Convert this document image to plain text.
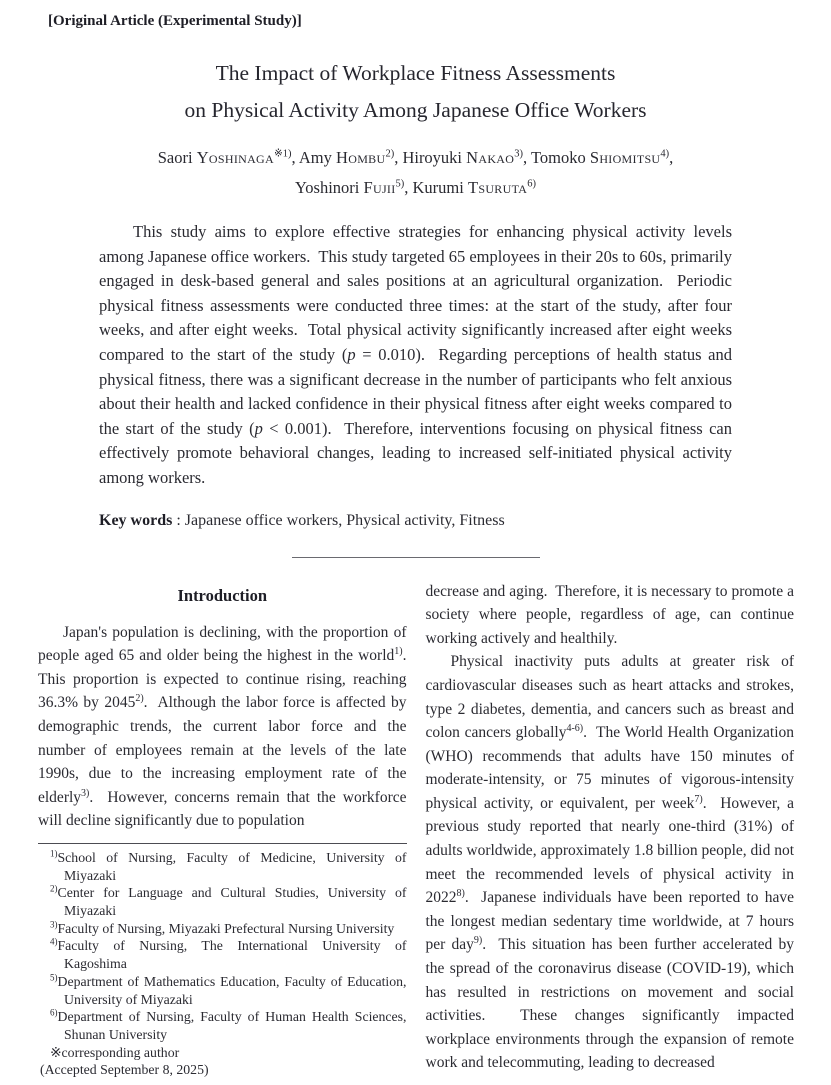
[Original Article (Experimental Study)]
The Impact of Workplace Fitness Assessments
on Physical Activity Among Japanese Office Workers
Saori Yoshinaga$^{※1)}$, Amy Hombu$^{2)}$, Hiroyuki Nakao$^{3)}$, Tomoko Shiomitsu$^{4)}$,
Yoshinori Fujii$^{5)}$, Kurumi Tsuruta$^{6)}$

This study aims to explore effective strategies for enhancing physical activity levels among Japanese office workers.  This study targeted 65 employees in their 20s to 60s, primarily engaged in desk-based general and sales positions at an agricultural organization.  Periodic physical fitness assessments were conducted three times: at the start of the study, after four weeks, and after eight weeks.  Total physical activity significantly increased after eight weeks compared to the start of the study (p = 0.010).  Regarding perceptions of health status and physical fitness, there was a significant decrease in the number of participants who felt anxious about their health and lacked confidence in their physical fitness after eight weeks compared to the start of the study (p < 0.001).  Therefore, interventions focusing on physical fitness can effectively promote behavioral changes, leading to increased self-initiated physical activity among workers.

Key words : Japanese office workers, Physical activity, Fitness

Introduction

Japan's population is declining, with the proportion of people aged 65 and older being the highest in the world$^{1)}$.  This proportion is expected to continue rising, reaching 36.3% by 2045$^{2)}$.  Although the labor force is affected by demographic trends, the current labor force and the number of employees remain at the levels of the late 1990s, due to the increasing employment rate of the elderly$^{3)}$.  However, concerns remain that the workforce will decline significantly due to population

$^{1)}$School of Nursing, Faculty of Medicine, University of Miyazaki
$^{2)}$Center for Language and Cultural Studies, University of Miyazaki
$^{3)}$Faculty of Nursing, Miyazaki Prefectural Nursing University
$^{4)}$Faculty of Nursing, The International University of Kagoshima
$^{5)}$Department of Mathematics Education, Faculty of Education, University of Miyazaki
$^{6)}$Department of Nursing, Faculty of Human Health Sciences, Shunan University
※corresponding author
(Accepted September 8, 2025)

decrease and aging.  Therefore, it is necessary to promote a society where people, regardless of age, can continue working actively and healthily.

Physical inactivity puts adults at greater risk of cardiovascular diseases such as heart attacks and strokes, type 2 diabetes, dementia, and cancers such as breast and colon cancers globally$^{4-6)}$.  The World Health Organization (WHO) recommends that adults have 150 minutes of moderate-intensity, or 75 minutes of vigorous-intensity physical activity, or equivalent, per week$^{7)}$.  However, a previous study reported that nearly one-third (31%) of adults worldwide, approximately 1.8 billion people, did not meet the recommended levels of physical activity in 2022$^{8)}$.  Japanese individuals have been reported to have the longest median sedentary time worldwide, at 7 hours per day$^{9)}$.  This situation has been further accelerated by the spread of the coronavirus disease (COVID-19), which has resulted in restrictions on movement and social activities.  These changes significantly impacted workplace environments through the expansion of remote work and telecommuting, leading to decreased
